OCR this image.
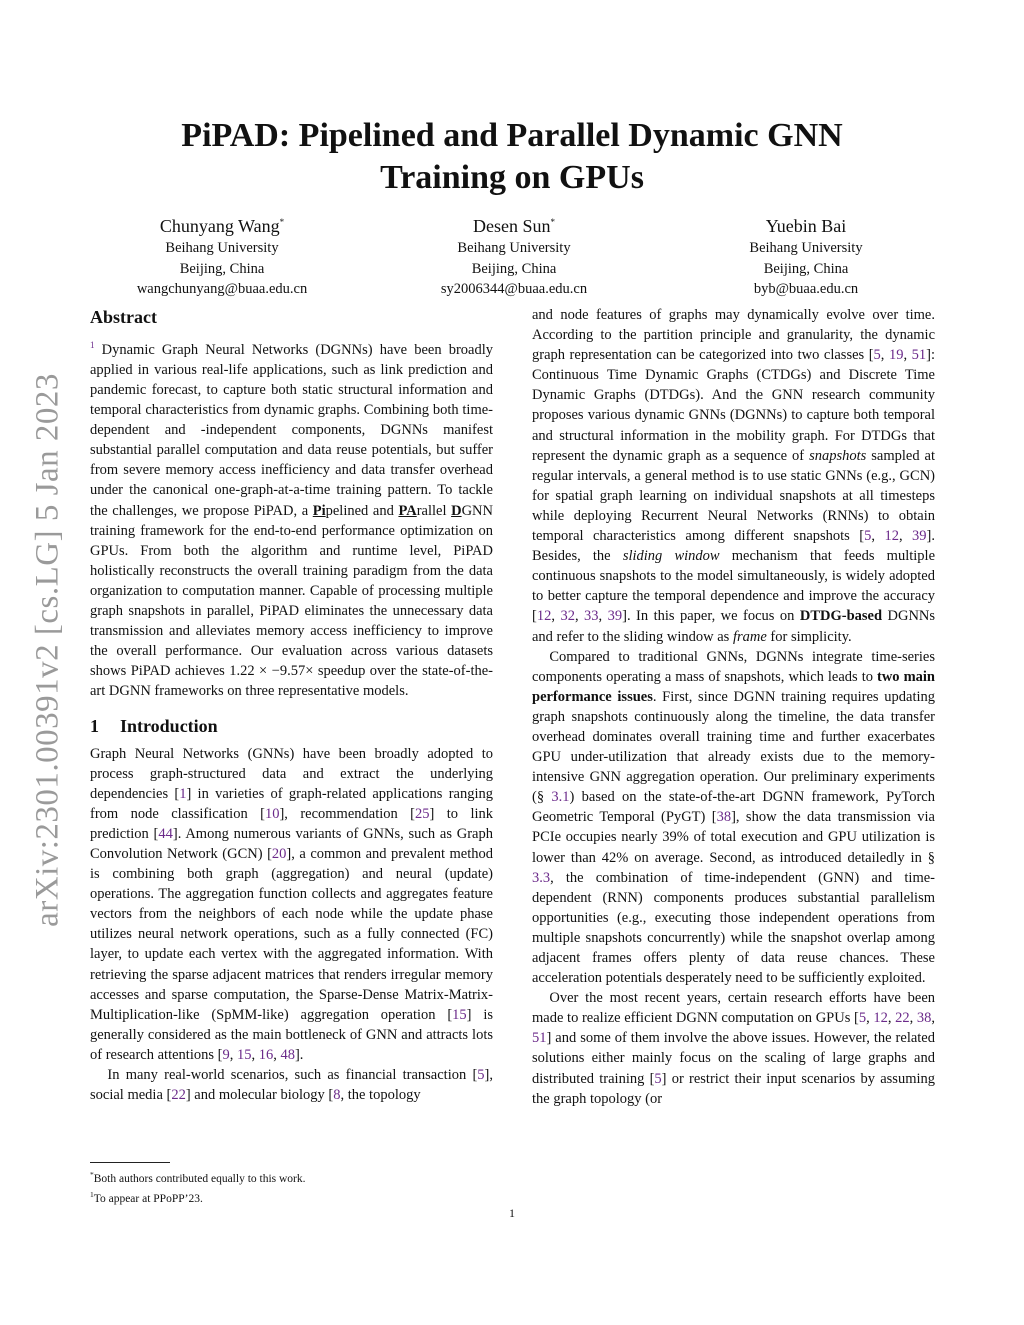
arXiv:2301.00391v2 [cs.LG] 5 Jan 2023
PiPAD: Pipelined and Parallel Dynamic GNN Training on GPUs
Chunyang Wang*
Beihang University
Beijing, China
wangchunyang@buaa.edu.cn
Desen Sun*
Beihang University
Beijing, China
sy2006344@buaa.edu.cn
Yuebin Bai
Beihang University
Beijing, China
byb@buaa.edu.cn
Abstract

$^1$ Dynamic Graph Neural Networks (DGNNs) have been broadly applied in various real-life applications, such as link prediction and pandemic forecast, to capture both static structural information and temporal characteristics from dynamic graphs. Combining both time-dependent and -independent components, DGNNs manifest substantial parallel computation and data reuse potentials, but suffer from severe memory access inefficiency and data transfer overhead under the canonical one-graph-at-a-time training pattern. To tackle the challenges, we propose PiPAD, a Pipelined and PArallel DGNN training framework for the end-to-end performance optimization on GPUs. From both the algorithm and runtime level, PiPAD holistically reconstructs the overall training paradigm from the data organization to computation manner. Capable of processing multiple graph snapshots in parallel, PiPAD eliminates the unnecessary data transmission and alleviates memory access inefficiency to improve the overall performance. Our evaluation across various datasets shows PiPAD achieves 1.22 × −9.57× speedup over the state-of-the-art DGNN frameworks on three representative models.

1 Introduction

Graph Neural Networks (GNNs) have been broadly adopted to process graph-structured data and extract the underlying dependencies [1] in varieties of graph-related applications ranging from node classification [10], recommendation [25] to link prediction [44]. Among numerous variants of GNNs, such as Graph Convolution Network (GCN) [20], a common and prevalent method is combining both graph (aggregation) and neural (update) operations. The aggregation function collects and aggregates feature vectors from the neighbors of each node while the update phase utilizes neural network operations, such as a fully connected (FC) layer, to update each vertex with the aggregated information. With retrieving the sparse adjacent matrices that renders irregular memory accesses and sparse computation, the Sparse-Dense Matrix-Matrix-Multiplication-like (SpMM-like) aggregation operation [15] is generally considered as the main bottleneck of GNN and attracts lots of research attentions [9, 15, 16, 48].

In many real-world scenarios, such as financial transaction [5], social media [22] and molecular biology [8, the topology

and node features of graphs may dynamically evolve over time. According to the partition principle and granularity, the dynamic graph representation can be categorized into two classes [5, 19, 51]: Continuous Time Dynamic Graphs (CTDGs) and Discrete Time Dynamic Graphs (DTDGs). And the GNN research community proposes various dynamic GNNs (DGNNs) to capture both temporal and structural information in the mobility graph. For DTDGs that represent the dynamic graph as a sequence of snapshots sampled at regular intervals, a general method is to use static GNNs (e.g., GCN) for spatial graph learning on individual snapshots at all timesteps while deploying Recurrent Neural Networks (RNNs) to obtain temporal characteristics among different snapshots [5, 12, 39]. Besides, the sliding window mechanism that feeds multiple continuous snapshots to the model simultaneously, is widely adopted to better capture the temporal dependence and improve the accuracy [12, 32, 33, 39]. In this paper, we focus on DTDG-based DGNNs and refer to the sliding window as frame for simplicity.

Compared to traditional GNNs, DGNNs integrate time-series components operating a mass of snapshots, which leads to two main performance issues. First, since DGNN training requires updating graph snapshots continuously along the timeline, the data transfer overhead dominates overall training time and further exacerbates GPU under-utilization that already exists due to the memory-intensive GNN aggregation operation. Our preliminary experiments (§ 3.1) based on the state-of-the-art DGNN framework, PyTorch Geometric Temporal (PyGT) [38], show the data transmission via PCIe occupies nearly 39% of total execution and GPU utilization is lower than 42% on average. Second, as introduced detailedly in § 3.3, the combination of time-independent (GNN) and time-dependent (RNN) components produces substantial parallelism opportunities (e.g., executing those independent operations from multiple snapshots concurrently) while the snapshot overlap among adjacent frames offers plenty of data reuse chances. These acceleration potentials desperately need to be sufficiently exploited.

Over the most recent years, certain research efforts have been made to realize efficient DGNN computation on GPUs [5, 12, 22, 38, 51] and some of them involve the above issues. However, the related solutions either mainly focus on the scaling of large graphs and distributed training [5] or restrict their input scenarios by assuming the graph topology (or

*Both authors contributed equally to this work.
$^1$To appear at PPoPP’23.
1
